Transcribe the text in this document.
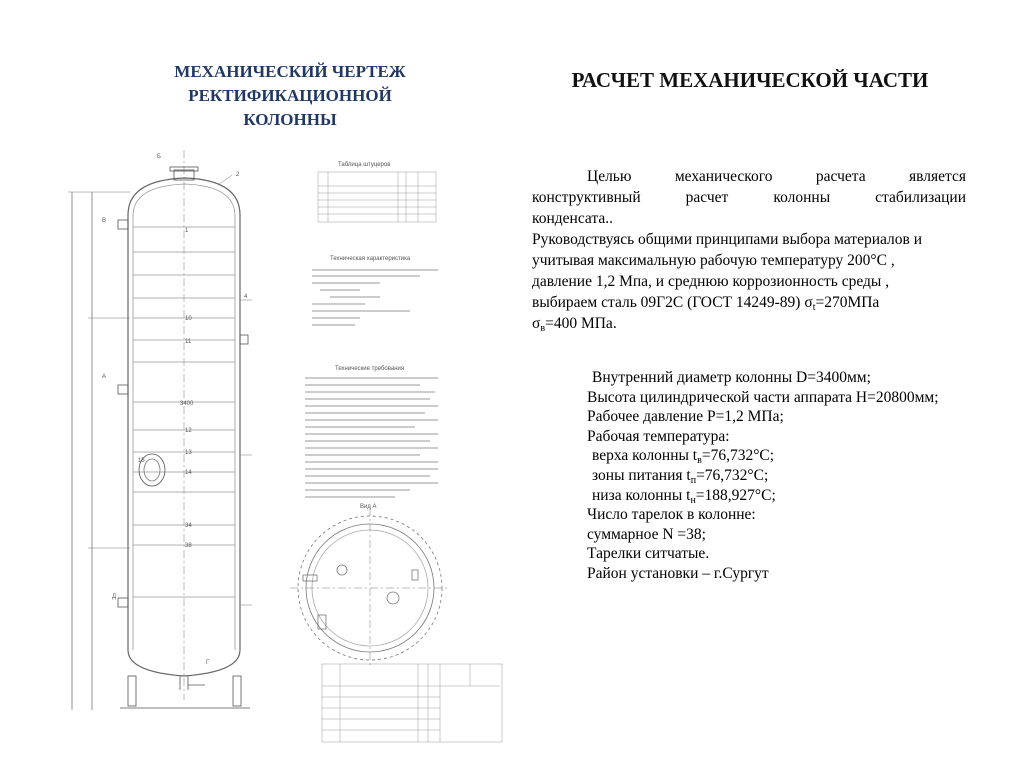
МЕХАНИЧЕСКИЙ ЧЕРТЕЖ
РЕКТИФИКАЦИОННОЙ
КОЛОННЫ
РАСЧЕТ МЕХАНИЧЕСКОЙ ЧАСТИ
Целью механического расчета является
конструктивный расчет колонны стабилизации
конденсата..
Руководствуясь общими принципами выбора материалов и
учитывая максимальную рабочую температуру 200°C ,
давление 1,2 Мпа, и среднюю коррозионность среды ,
выбираем сталь 09Г2С (ГОСТ 14249-89) $\sigma_t=270МПа$
$\sigma_в=400$ МПа.
Внутренний диаметр колонны D=3400мм;
Высота цилиндрической части аппарата H=20800мм;
Рабочее давление P=1,2 МПа;
Рабочая температура:
верха колонны $t_в=76,732^\circ C$;
зоны питания $t_п=76,732^\circ C$;
низа колонны $t_н=188,927^\circ C$;
Число тарелок в колонне:
суммарное N =38;
Тарелки ситчатые.
Район установки – г.Сургут
Б
В
А
Д
Г
1
2
4
10
11
12
13
14
15
34
38
3400
Таблица штуцеров
Техническая характеристика
Технические требования
Вид А
